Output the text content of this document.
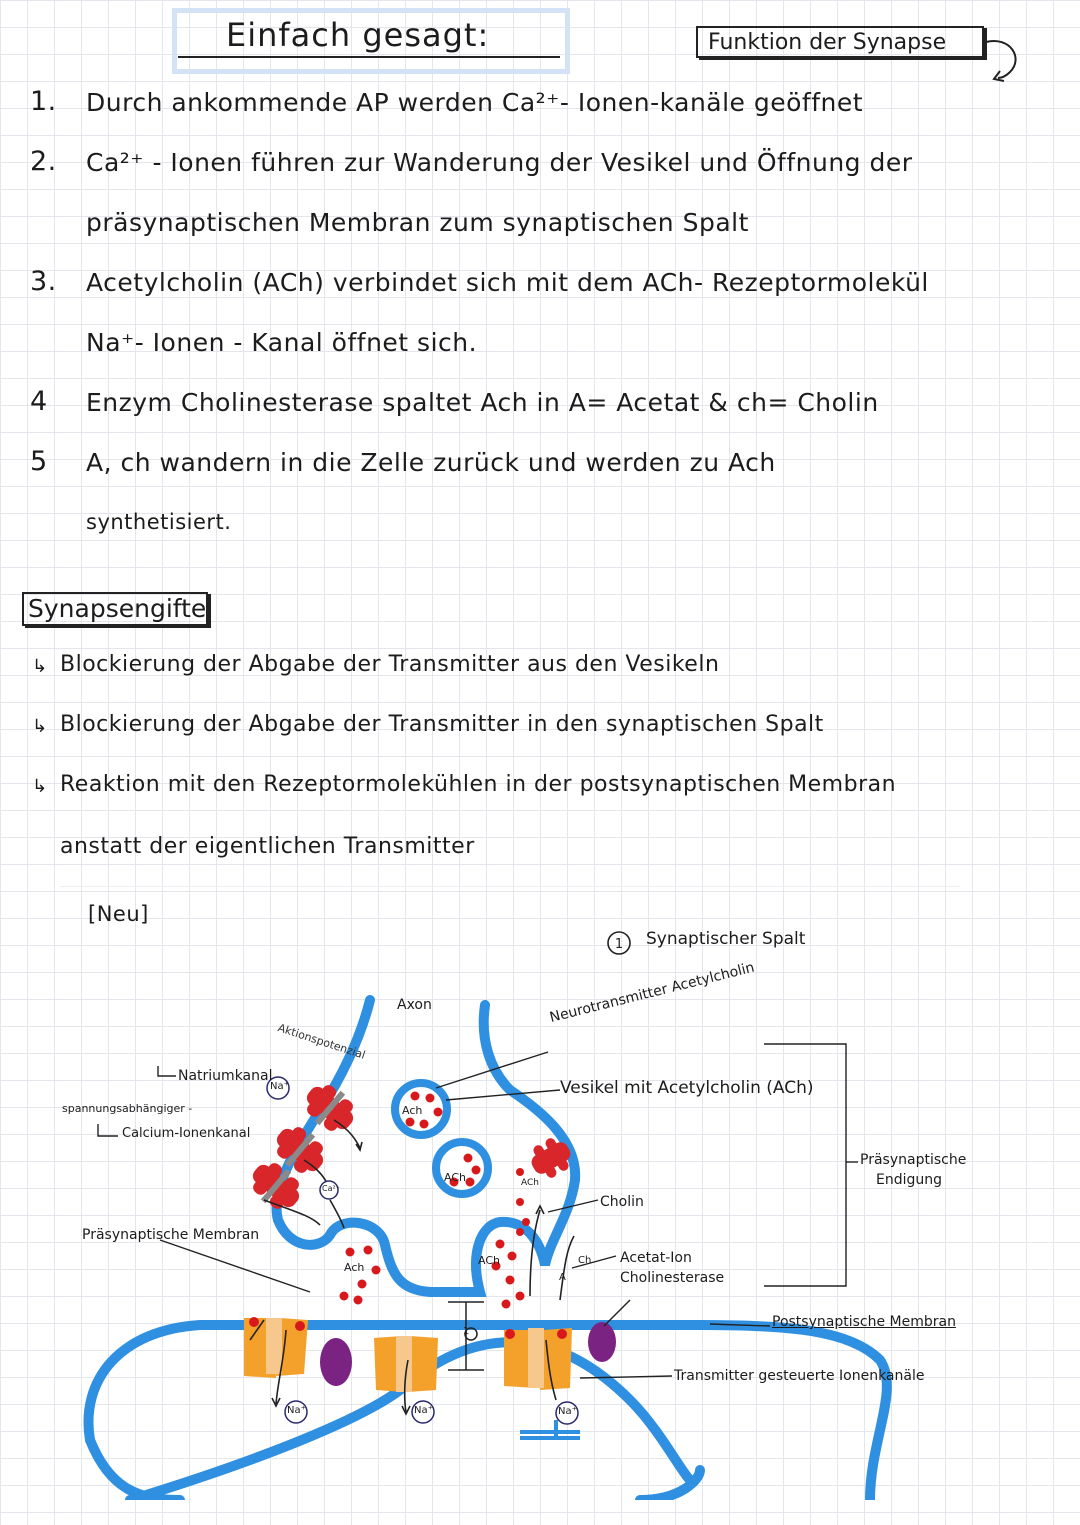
Einfach gesagt:	Funktion der Synapse
1. Durch ankommende AP werden Ca²⁺- Ionen-kanäle geöffnet
2. Ca²⁺ - Ionen führen zur Wanderung der Vesikel und Öffnung der
präsynaptischen Membran zum synaptischen Spalt
3. Acetylcholin (ACh) verbindet sich mit dem ACh- Rezeptormolekül
Na⁺- Ionen - Kanal öffnet sich.
4 Enzym Cholinesterase spaltet Ach in A= Acetat & ch= Cholin
5 A, ch wandern in die Zelle zurück und werden zu Ach
synthetisiert.
Synapsengifte
↳ Blockierung der Abgabe der Transmitter aus den Vesikeln
↳ Blockierung der Abgabe der Transmitter in den synaptischen Spalt
↳ Reaktion mit den Rezeptormolekühlen in der postsynaptischen Membran
anstatt der eigentlichen Transmitter
[Neu]
1 Synaptischer Spalt
Axon
Aktionspotenzial
Natriumkanal
spannungsabhängiger -
Calcium-Ionenkanal
Präsynaptische Membran
Neurotransmitter Acetylcholin
Vesikel mit Acetylcholin (ACh)
Präsynaptische
Endigung
Cholin
Acetat-Ion
Cholinesterase
Postsynaptische Membran
Transmitter gesteuerte Ionenkanäle
Ach
ACh
Ach
ACh
ACh
Ch
A
1
Na⁺
Ca²⁺
Na⁺	Na⁺	Na⁺
